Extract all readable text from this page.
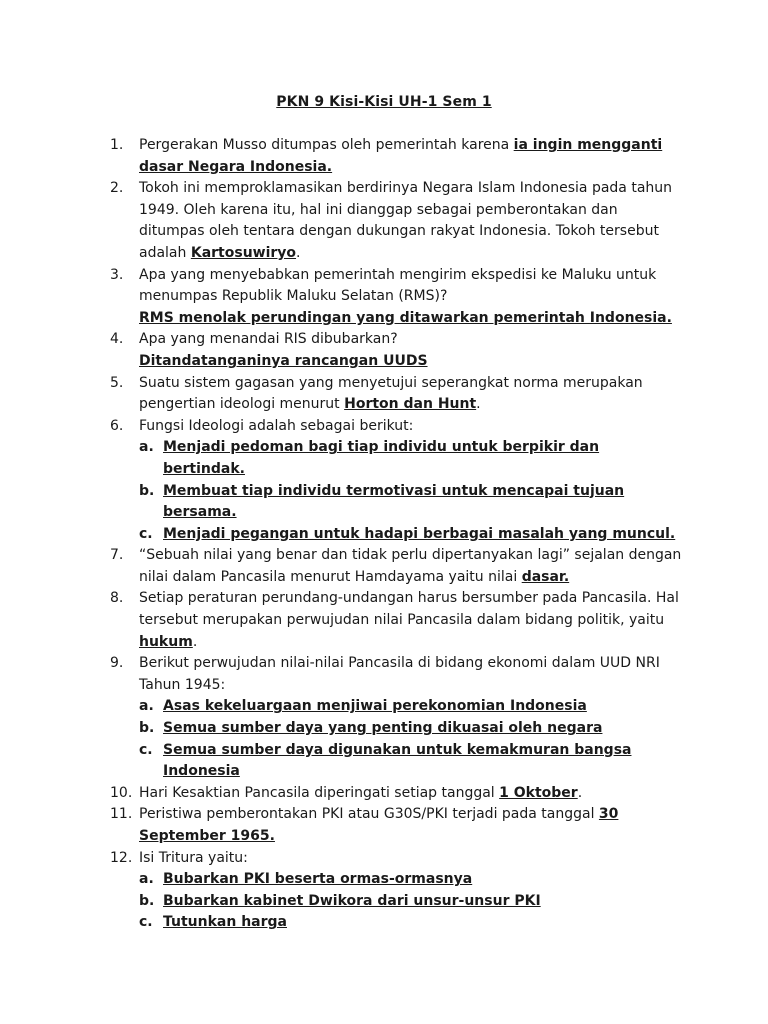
PKN 9 Kisi-Kisi UH-1 Sem 1
1. Pergerakan Musso ditumpas oleh pemerintah karena ia ingin mengganti dasar Negara Indonesia.
2. Tokoh ini memproklamasikan berdirinya Negara Islam Indonesia pada tahun 1949. Oleh karena itu, hal ini dianggap sebagai pemberontakan dan ditumpas oleh tentara dengan dukungan rakyat Indonesia. Tokoh tersebut adalah Kartosuwiryo.
3. Apa yang menyebabkan pemerintah mengirim ekspedisi ke Maluku untuk menumpas Republik Maluku Selatan (RMS)?
RMS menolak perundingan yang ditawarkan pemerintah Indonesia.
4. Apa yang menandai RIS dibubarkan?
Ditandatanganinya rancangan UUDS
5. Suatu sistem gagasan yang menyetujui seperangkat norma merupakan pengertian ideologi menurut Horton dan Hunt.
6. Fungsi Ideologi adalah sebagai berikut:
a. Menjadi pedoman bagi tiap individu untuk berpikir dan bertindak.
b. Membuat tiap individu termotivasi untuk mencapai tujuan bersama.
c. Menjadi pegangan untuk hadapi berbagai masalah yang muncul.
7. “Sebuah nilai yang benar dan tidak perlu dipertanyakan lagi” sejalan dengan nilai dalam Pancasila menurut Hamdayama yaitu nilai dasar.
8. Setiap peraturan perundang-undangan harus bersumber pada Pancasila. Hal tersebut merupakan perwujudan nilai Pancasila dalam bidang politik, yaitu hukum.
9. Berikut perwujudan nilai-nilai Pancasila di bidang ekonomi dalam UUD NRI Tahun 1945:
a. Asas kekeluargaan menjiwai perekonomian Indonesia
b. Semua sumber daya yang penting dikuasai oleh negara
c. Semua sumber daya digunakan untuk kemakmuran bangsa Indonesia
10. Hari Kesaktian Pancasila diperingati setiap tanggal 1 Oktober.
11. Peristiwa pemberontakan PKI atau G30S/PKI terjadi pada tanggal 30 September 1965.
12. Isi Tritura yaitu:
a. Bubarkan PKI beserta ormas-ormasnya
b. Bubarkan kabinet Dwikora dari unsur-unsur PKI
c. Tutunkan harga
